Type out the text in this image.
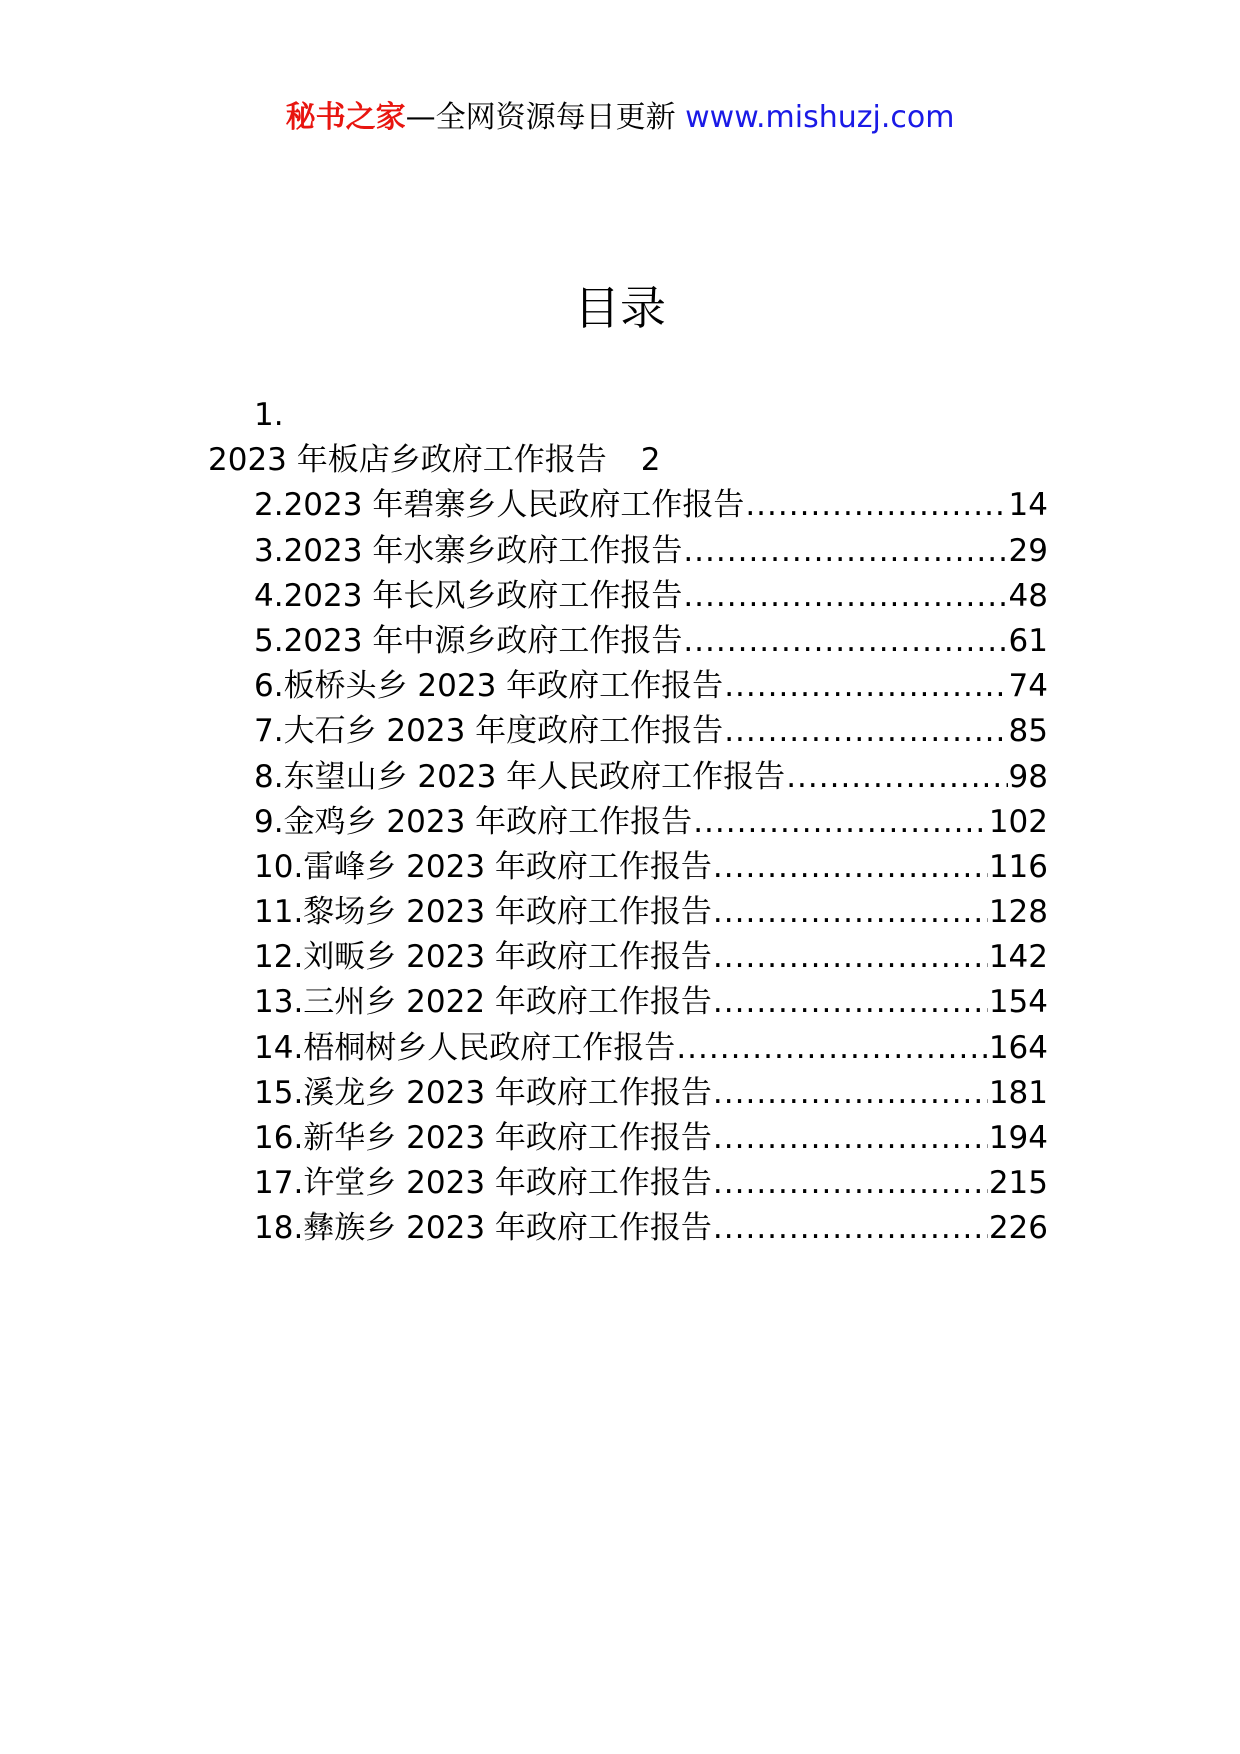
秘书之家—全网资源每日更新 www.mishuzj.com
目录
1.
2023 年板店乡政府工作报告 2
2.2023 年碧寨乡人民政府工作报告 .....	14
3.2023 年水寨乡政府工作报告 .....	29
4.2023 年长风乡政府工作报告 .....	48
5.2023 年中源乡政府工作报告 .....	61
6.板桥头乡 2023 年政府工作报告 .....	74
7.大石乡 2023 年度政府工作报告 .....	85
8.东望山乡 2023 年人民政府工作报告 .....	98
9.金鸡乡 2023 年政府工作报告 .....	102
10.雷峰乡 2023 年政府工作报告 .....	116
11.黎场乡 2023 年政府工作报告 .....	128
12.刘畈乡 2023 年政府工作报告 .....	142
13.三州乡 2022 年政府工作报告 .....	154
14.梧桐树乡人民政府工作报告 .....	164
15.溪龙乡 2023 年政府工作报告 .....	181
16.新华乡 2023 年政府工作报告 .....	194
17.许堂乡 2023 年政府工作报告 .....	215
18.彝族乡 2023 年政府工作报告 .....	226
